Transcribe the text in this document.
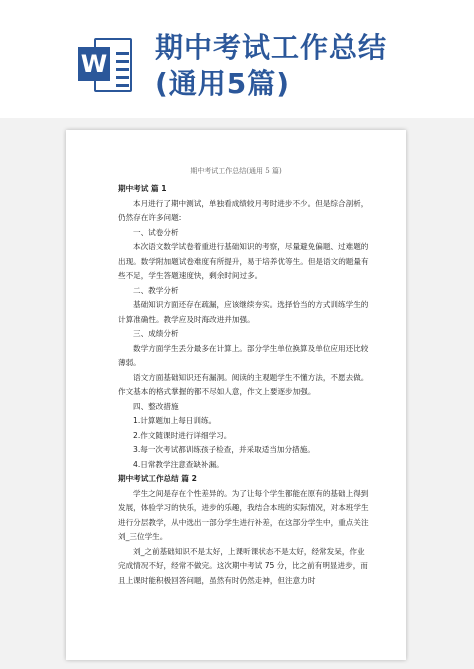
W 期中考试工作总结
(通用5篇)
期中考试工作总结(通用 5 篇)

期中考试 篇 1

本月进行了期中测试，单独看成绩较月考时进步不少。但是综合剖析，仍然存在许多问题:

一、试卷分析

本次语文数学试卷着重进行基础知识的考察，尽量避免偏题、过难题的出现。数学附加题试卷难度有所提升，易于培养优等生。但是语文的题量有些不足，学生答题速度快，剩余时间过多。

二、教学分析

基础知识方面还存在疏漏，应该继续夯实。选择恰当的方式训练学生的计算准确性。教学应及时海改进并加强。

三、成绩分析

数学方面学生丢分最多在计算上。部分学生单位换算及单位应用还比较薄弱。

语文方面基础知识还有漏洞。阅读的主观题学生不懂方法，不愿去做。作文基本的格式掌握的都不尽如人意，作文上要逐步加强。

四、整改措施

1.计算题加上每日训练。

2.作文随课时进行详细学习。

3.每一次考试都训练孩子检查，并采取适当加分措施。

4.日常教学注意查缺补漏。

期中考试工作总结 篇 2

学生之间是存在个性差异的。为了让每个学生都能在原有的基础上得到发展，体验学习的快乐，进步的乐趣，我结合本班的实际情况，对本班学生进行分层教学，从中选出一部分学生进行补差，在这部分学生中，重点关注刘_三位学生。

刘_之前基础知识不是太好，上课听课状态不是太好，经常发呆，作业完成情况不好，经常不做完。这次期中考试 75 分，比之前有明显进步，而且上课时能积极回答问题，虽然有时仍然走神，但注意力时
